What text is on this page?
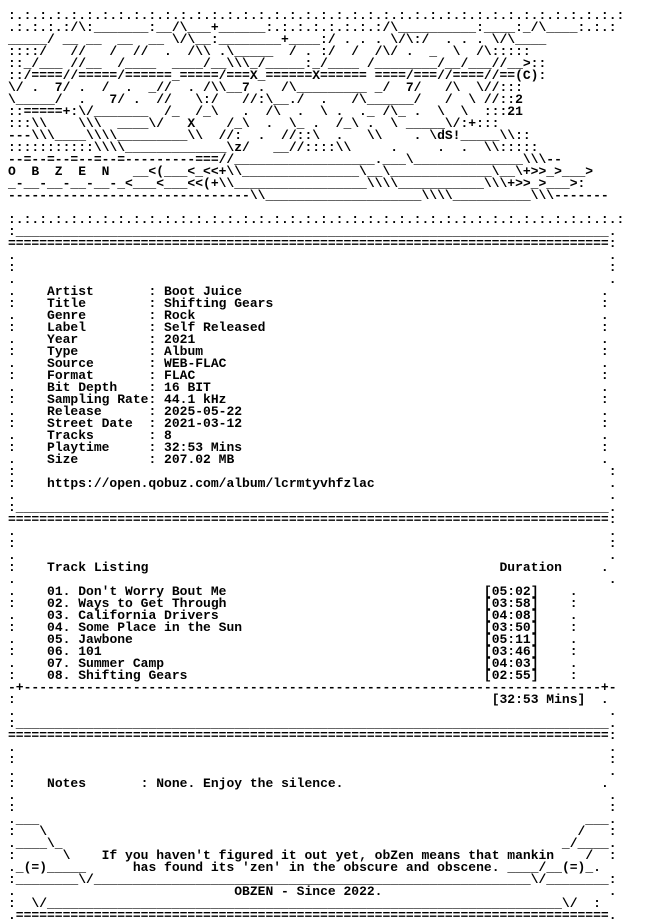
:.:.:.:.:.:.:.:.:.:.:.:.:.:.:.:.:.:.:.:.:.:.:.:.:.:.:.:.:.:.:.:.:.:.:.:.:.:.:.:
.:.:.:.:/\:_______:__/\___+______:.:.:.:.:.:.:.:/\__________:____:_/\____:.:.:
_____/ __ __  __  __ \/\__:________+____:/ . . . \/\:/  . . . \/\____
::::/   //   /  //  .  /\\ .\_____  / . :/  /  /\/ .  _  \  /\:::::
::_/___ //__  /____  ____/__\\\_/_____:_/____ /________/__/___//__>::
::/====//=====/======_=====/===X_======X====== ====/===//====//==(C):
\/ .  7/ .  /  .  _//  . /\\__7 .  /\_________ _/  7/   /\  \//:::
\_____/  .   7/ .  //   \:/   //:\__./  .   /\______/   /  \ //::2
::=====+:\/_______  /_  /_\   .  /\  .  \ .  ._ /\_ .  \  \  :::21
:::\\    \\\  ____\/   X    /_\  .  \_ .  /_\ .  \ _____\/:+:::
---\\\____\\\\_________\\  //:  .  //::\  .   \\    . \dS!_____\\::
:::::::::::\\\\_____________\z/   __//::::\\     .     .  .  \\:::::
--=--=--=--=--=---------===//__________________.___\______________\\\--
O  B  Z  E  N   __<(___<_<<+\\_______________\__\_____________\__\+>>_>___>
_-__-__-__-__-_<___<___<<(+\\_________________\\\\___________\\\+>>_>___>:
-------------------------------\\____________________\\\\__________\\\-------

:.:.:.:.:.:.:.:.:.:.:.:.:.:.:.:.:.:.:.:.:.:.:.:.:.:.:.:.:.:.:.:.:.:.:.:.:.:.:.:
:____________________________________________________________________________.
=============================================================================:
.                                                                            .
:                                                                            :
.                                                                            .
.    Artist       : Boot Juice                                              .
:    Title        : Shifting Gears                                          :
.    Genre        : Rock                                                    .
:    Label        : Self Released                                           :
.    Year         : 2021                                                    .
:    Type         : Album                                                   :
.    Source       : WEB-FLAC                                                .
:    Format       : FLAC                                                    :
.    Bit Depth    : 16 BIT                                                  .
:    Sampling Rate: 44.1 kHz                                                :
.    Release      : 2025-05-22                                              .
:    Street Date  : 2021-03-12                                              :
.    Tracks       : 8                                                       .
:    Playtime     : 32:53 Mins                                              :
.    Size         : 207.02 MB                                               .
:                                                                            :
:    https://open.qobuz.com/album/lcrmtyvhfzlac                              .
.                                                                            .
:____________________________________________________________________________.
=============================================================================:
.                                                                            .
:                                                                            :
.                                                                            .
:    Track Listing                                             Duration     .
.                                                                            .
.    01. Don't Worry Bout Me                                 [05:02]    .
:    02. Ways to Get Through                                 [03:58]    :
.    03. California Drivers                                  [04:08]    .
:    04. Some Place in the Sun                               [03:50]    :
.    05. Jawbone                                             [05:11]    .
:    06. 101                                                 [03:46]    :
.    07. Summer Camp                                         [04:03]    .
:    08. Shifting Gears                                      [02:55]    :
-+--------------------------------------------------------------------------+-
:                                                             [32:53 Mins]  .
.                                                                            .
:____________________________________________________________________________.
=============================================================================:
.                                                                            .
:                                                                            :
.                                                                            .
:    Notes       : None. Enjoy the silence.                                 .
.                                                                            .
:                                                                            :
.___                                                                      ___.
:   \                                                                    /   :
.____\_                                                                _/____.
:      \    If you haven't figured it out yet, obZen means that mankin    /  :
._(=)_____      has found its 'zen' in the obscure and obscene. ____/__(=)_.
:________\/________________________________________________________\/________:
.                            OBZEN - Since 2022.                             .
:  \/__________________________________________________________________\/  :
.============================================================================.
